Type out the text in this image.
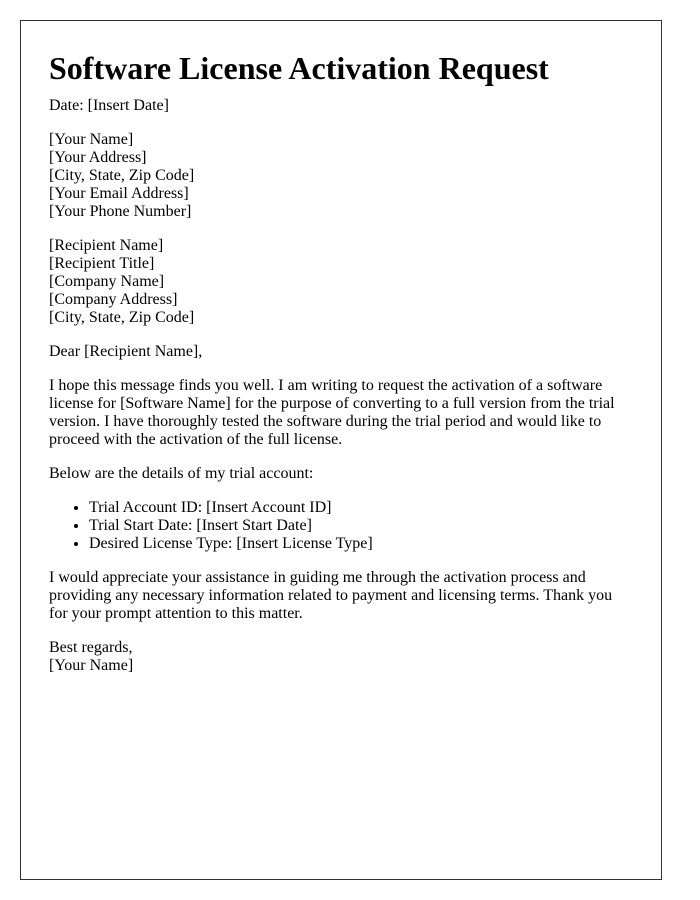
Software License Activation Request
Date: [Insert Date]
[Your Name]
[Your Address]
[City, State, Zip Code]
[Your Email Address]
[Your Phone Number]
[Recipient Name]
[Recipient Title]
[Company Name]
[Company Address]
[City, State, Zip Code]
Dear [Recipient Name],

I hope this message finds you well. I am writing to request the activation of a software license for [Software Name] for the purpose of converting to a full version from the trial version. I have thoroughly tested the software during the trial period and would like to proceed with the activation of the full license.

Below are the details of my trial account:

• Trial Account ID: [Insert Account ID]
• Trial Start Date: [Insert Start Date]
• Desired License Type: [Insert License Type]

I would appreciate your assistance in guiding me through the activation process and providing any necessary information related to payment and licensing terms. Thank you for your prompt attention to this matter.

Best regards,
[Your Name]
